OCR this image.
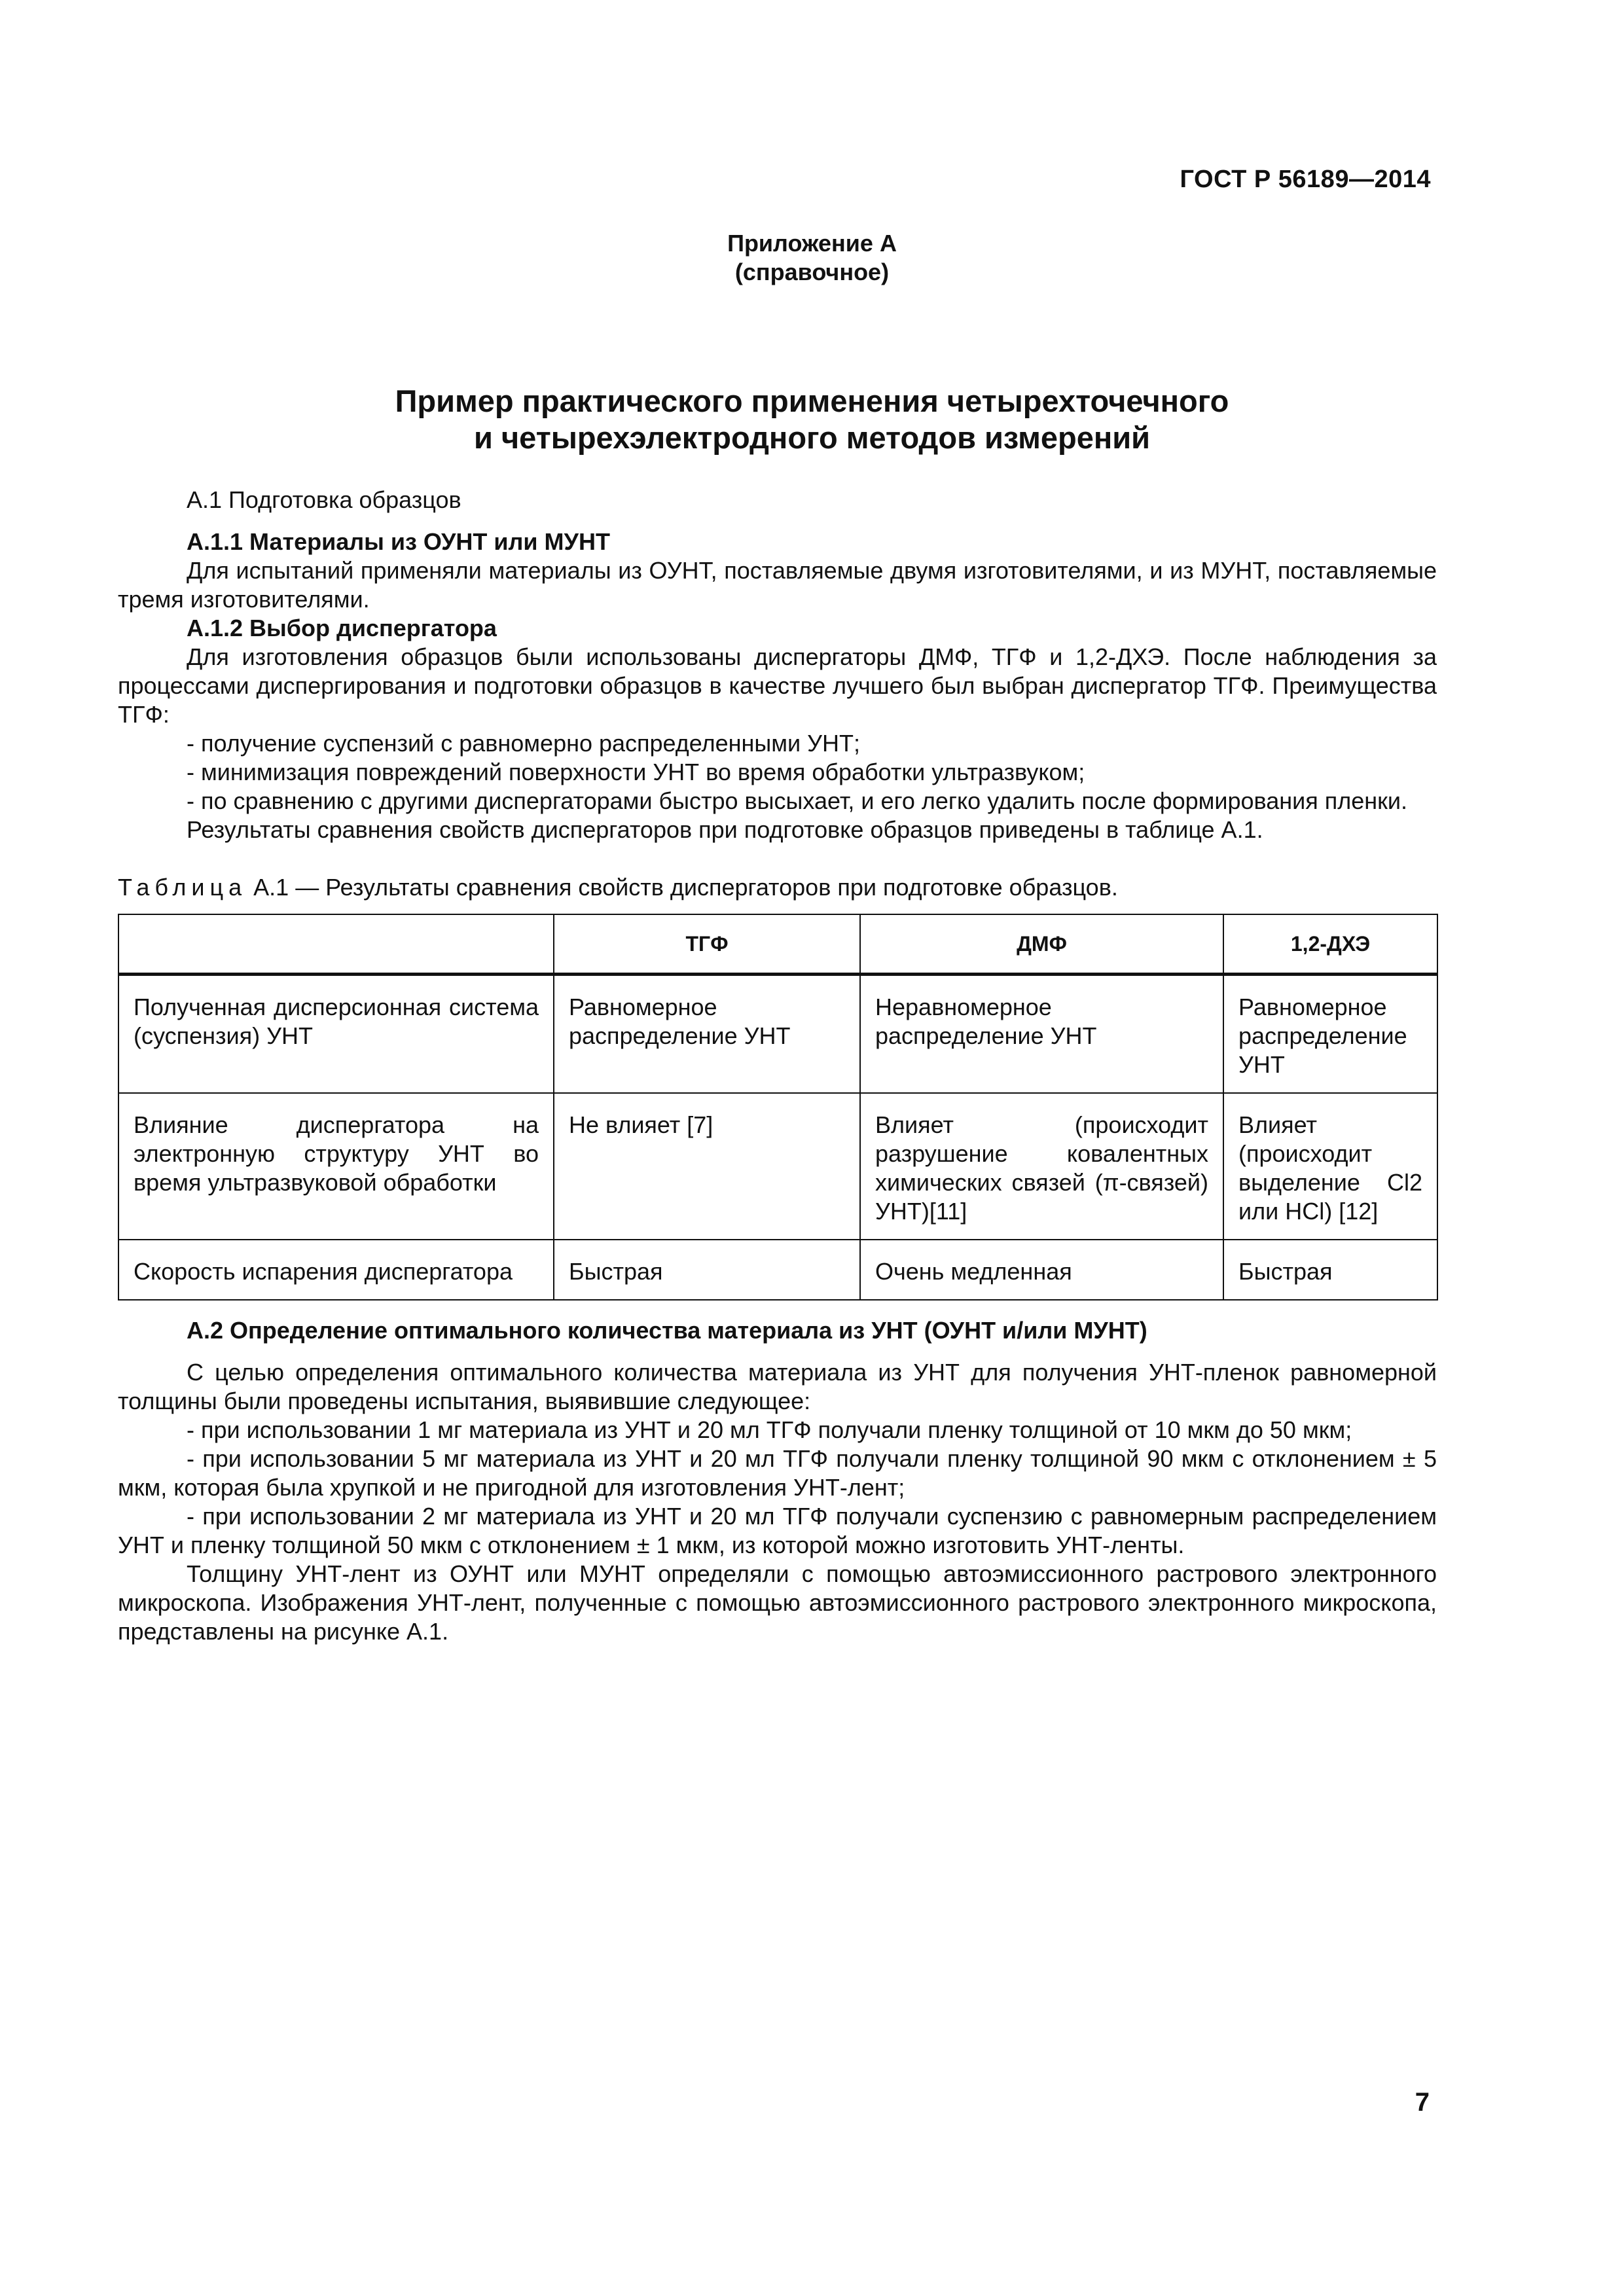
ГОСТ Р 56189—2014
Приложение А
(справочное)
Пример практического применения четырехточечного
и четырехэлектродного методов измерений

А.1 Подготовка образцов

А.1.1 Материалы из ОУНТ или МУНТ

Для испытаний применяли материалы из ОУНТ, поставляемые двумя изготовителями, и из МУНТ, поставляемые тремя изготовителями.

А.1.2 Выбор диспергатора

Для изготовления образцов были использованы диспергаторы ДМФ, ТГФ и 1,2-ДХЭ. После наблюдения за процессами диспергирования и подготовки образцов в качестве лучшего был выбран диспергатор ТГФ. Преимущества ТГФ:

- получение суспензий с равномерно распределенными УНТ;

- минимизация повреждений поверхности УНТ во время обработки ультразвуком;

- по сравнению с другими диспергаторами быстро высыхает, и его легко удалить после формирования пленки.

Результаты сравнения свойств диспергаторов при подготовке образцов приведены в таблице А.1.

Таблица А.1 — Результаты сравнения свойств диспергаторов при подготовке образцов.

	ТГФ	ДМФ	1,2-ДХЭ
Полученная дисперсионная система (суспензия) УНТ	Равномерное распределение УНТ	Неравномерное распределение УНТ	Равномерное распределение УНТ
Влияние диспергатора на электронную структуру УНТ во время ультразвуковой обработки	Не влияет [7]	Влияет (происходит разрушение ковалентных химических связей (π-связей) УНТ)[11]	Влияет (происходит выделение Cl2 или HCl) [12]
Скорость испарения диспергатора	Быстрая	Очень медленная	Быстрая

А.2 Определение оптимального количества материала из УНТ (ОУНТ и/или МУНТ)

С целью определения оптимального количества материала из УНТ для получения УНТ-пленок равномерной толщины были проведены испытания, выявившие следующее:

- при использовании 1 мг материала из УНТ и 20 мл ТГФ получали пленку толщиной от 10 мкм до 50 мкм;

- при использовании 5 мг материала из УНТ и 20 мл ТГФ получали пленку толщиной 90 мкм с отклонением ± 5 мкм, которая была хрупкой и не пригодной для изготовления УНТ-лент;

- при использовании 2 мг материала из УНТ и 20 мл ТГФ получали суспензию с равномерным распределением УНТ и пленку толщиной 50 мкм с отклонением ± 1 мкм, из которой можно изготовить УНТ-ленты.

Толщину УНТ-лент из ОУНТ или МУНТ определяли с помощью автоэмиссионного растрового электронного микроскопа. Изображения УНТ-лент, полученные с помощью автоэмиссионного растрового электронного микроскопа, представлены на рисунке А.1.

7
